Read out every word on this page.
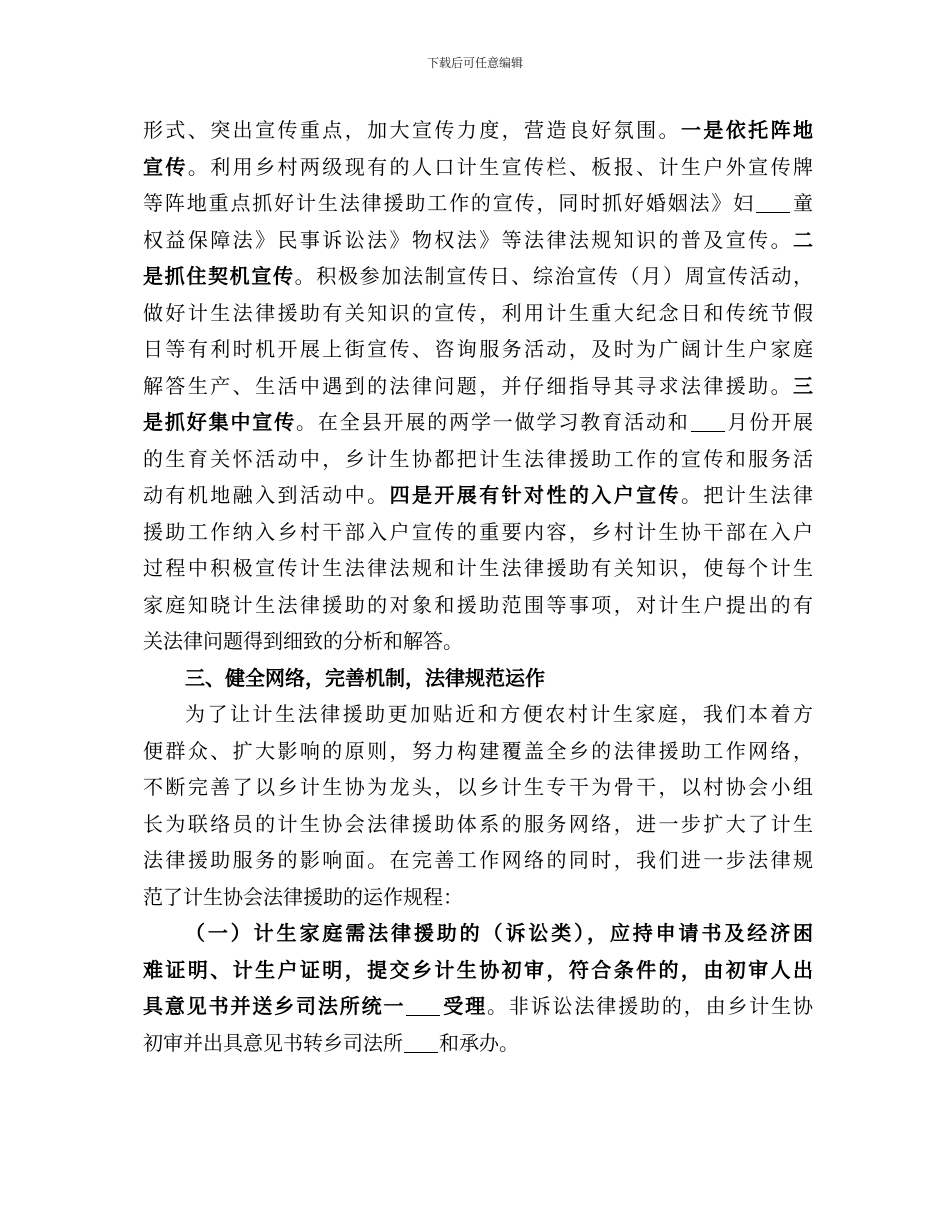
下载后可任意编辑
形式、突出宣传重点，加大宣传力度，营造良好氛围。一是依托阵地
宣传。利用乡村两级现有的人口计生宣传栏、板报、计生户外宣传牌
等阵地重点抓好计生法律援助工作的宣传，同时抓好婚姻法》妇 童
权益保障法》民事诉讼法》物权法》等法律法规知识的普及宣传。二
是抓住契机宣传。积极参加法制宣传日、综治宣传（月）周宣传活动，
做好计生法律援助有关知识的宣传，利用计生重大纪念日和传统节假
日等有利时机开展上街宣传、咨询服务活动，及时为广阔计生户家庭
解答生产、生活中遇到的法律问题，并仔细指导其寻求法律援助。三
是抓好集中宣传。在全县开展的两学一做学习教育活动和 月份开展
的生育关怀活动中，乡计生协都把计生法律援助工作的宣传和服务活
动有机地融入到活动中。四是开展有针对性的入户宣传。把计生法律
援助工作纳入乡村干部入户宣传的重要内容，乡村计生协干部在入户
过程中积极宣传计生法律法规和计生法律援助有关知识，使每个计生
家庭知晓计生法律援助的对象和援助范围等事项，对计生户提出的有
关法律问题得到细致的分析和解答。
三、健全网络，完善机制，法律规范运作
为了让计生法律援助更加贴近和方便农村计生家庭，我们本着方
便群众、扩大影响的原则，努力构建覆盖全乡的法律援助工作网络，
不断完善了以乡计生协为龙头，以乡计生专干为骨干，以村协会小组
长为联络员的计生协会法律援助体系的服务网络，进一步扩大了计生
法律援助服务的影响面。在完善工作网络的同时，我们进一步法律规
范了计生协会法律援助的运作规程：
（一）计生家庭需法律援助的（诉讼类），应持申请书及经济困
难证明、计生户证明，提交乡计生协初审，符合条件的，由初审人出
具意见书并送乡司法所统一 受理。非诉讼法律援助的，由乡计生协
初审并出具意见书转乡司法所 和承办。
